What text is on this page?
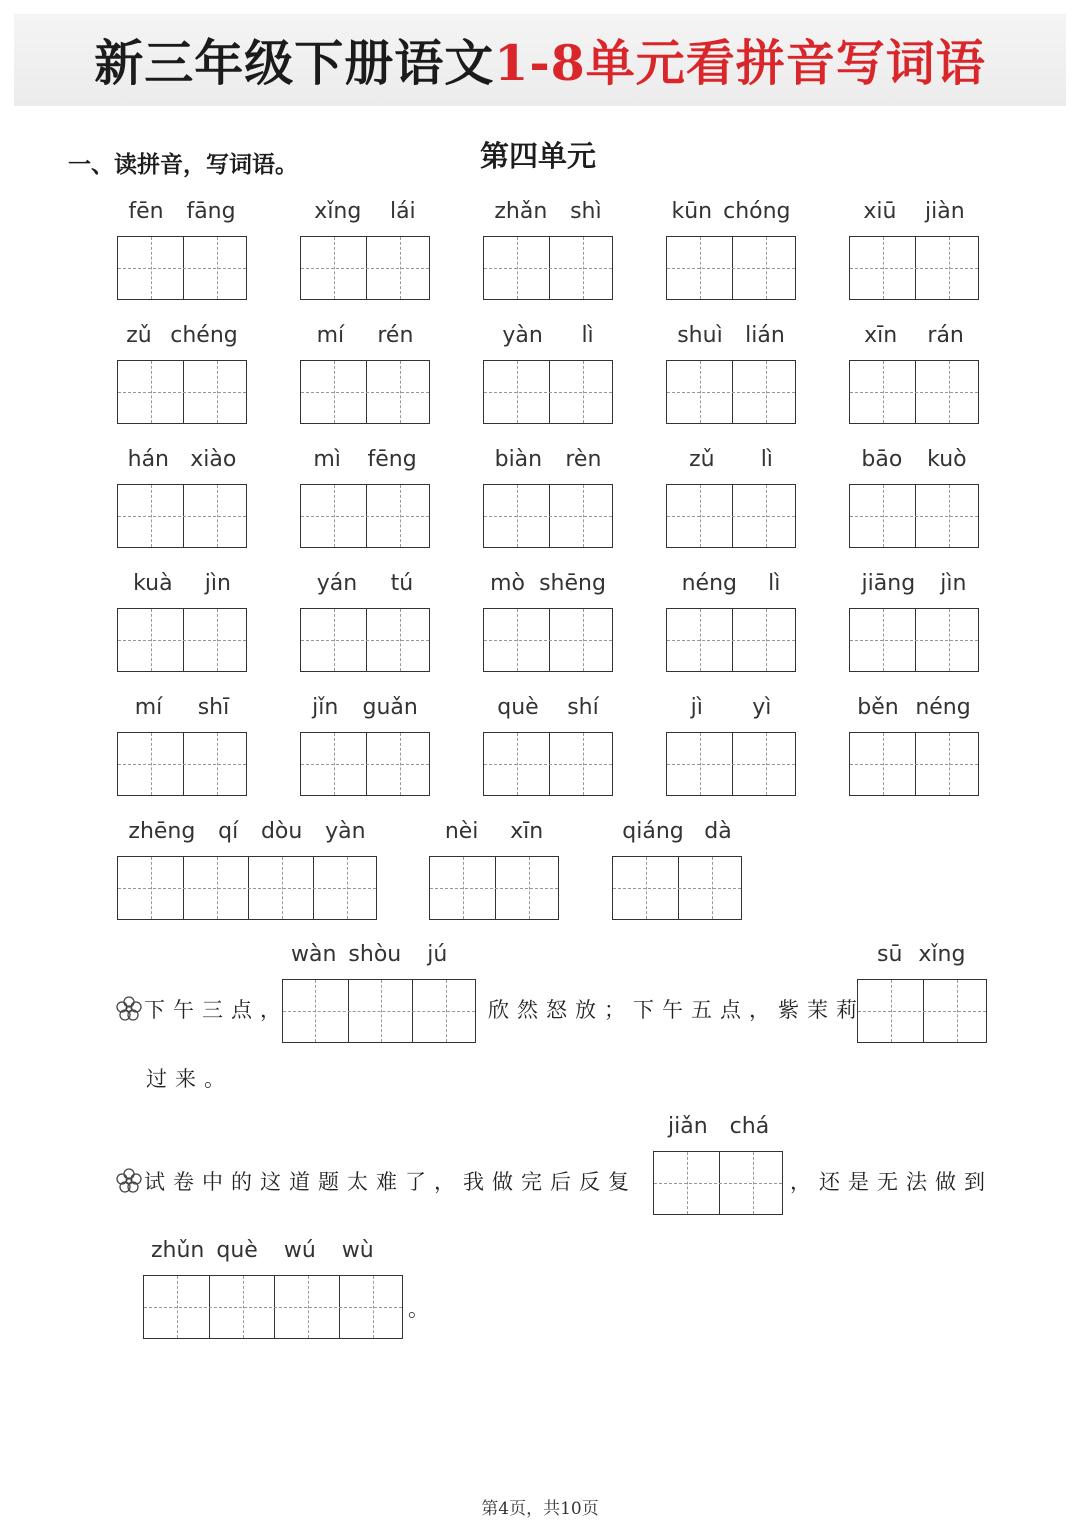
新三年级下册语文 1-8单元看拼音写词语
一、读拼音，写词语。	第四单元
fēn fāng	xǐng lái	zhǎn shì	kūn chóng	xiū jiàn
zǔ chéng	mí rén	yàn lì	shuì lián	xīn rán
hán xiào	mì fēng	biàn rèn	zǔ lì	bāo kuò
kuà jìn	yán tú	mò shēng	néng lì	jiāng jìn
mí shī	jǐn guǎn	què shí	jì yì	běn néng
zhēng qí dòu yàn	nèi xīn	qiáng dà
wàn shòu jú	sū xǐng
下午三点，	欣然怒放；下午五点，紫茉莉
过来。
jiǎn chá
试卷中的这道题太难了，我做完后反复	，还是无法做到
zhǔn què wú wù
。
第4页，共10页
